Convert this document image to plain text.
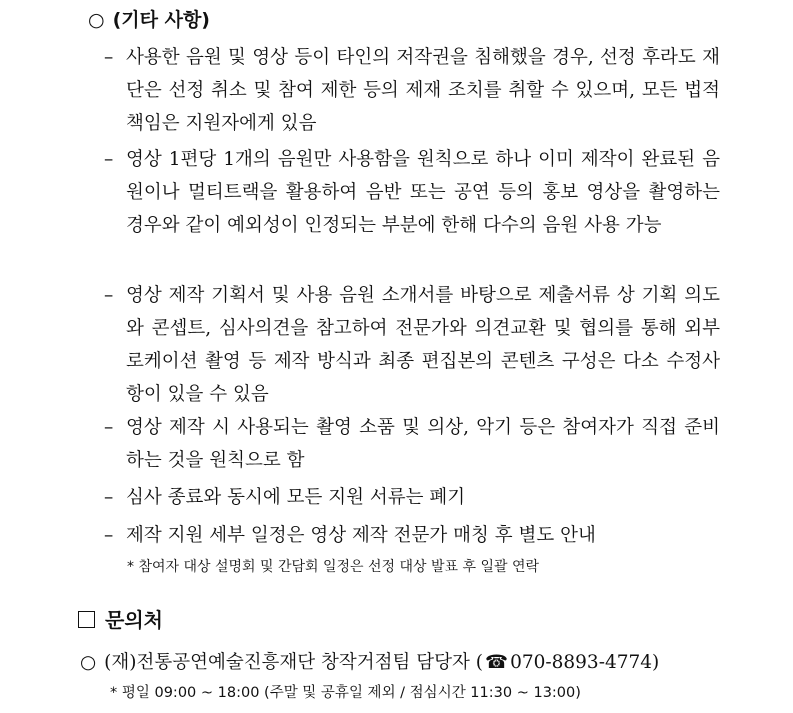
○ (기타 사항)
– 사용한 음원 및 영상 등이 타인의 저작권을 침해했을 경우, 선정 후라도 재단은 선정 취소 및 참여 제한 등의 제재 조치를 취할 수 있으며, 모든 법적 책임은 지원자에게 있음
– 영상 1편당 1개의 음원만 사용함을 원칙으로 하나 이미 제작이 완료된 음원이나 멀티트랙을 활용하여 음반 또는 공연 등의 홍보 영상을 촬영하는 경우와 같이 예외성이 인정되는 부분에 한해 다수의 음원 사용 가능
– 영상 제작 기획서 및 사용 음원 소개서를 바탕으로 제출서류 상 기획 의도와 콘셉트, 심사의견을 참고하여 전문가와 의견교환 및 협의를 통해 외부 로케이션 촬영 등 제작 방식과 최종 편집본의 콘텐츠 구성은 다소 수정사항이 있을 수 있음
– 영상 제작 시 사용되는 촬영 소품 및 의상, 악기 등은 참여자가 직접 준비하는 것을 원칙으로 함
– 심사 종료와 동시에 모든 지원 서류는 폐기
– 제작 지원 세부 일정은 영상 제작 전문가 매칭 후 별도 안내
* 참여자 대상 설명회 및 간담회 일정은 선정 대상 발표 후 일괄 연락
문의처
○ (재)전통공연예술진흥재단 창작거점팀 담당자 ( ☎ 070-8893-4774)
* 평일 09:00 ~ 18:00 (주말 및 공휴일 제외 / 점심시간 11:30 ~ 13:00)
